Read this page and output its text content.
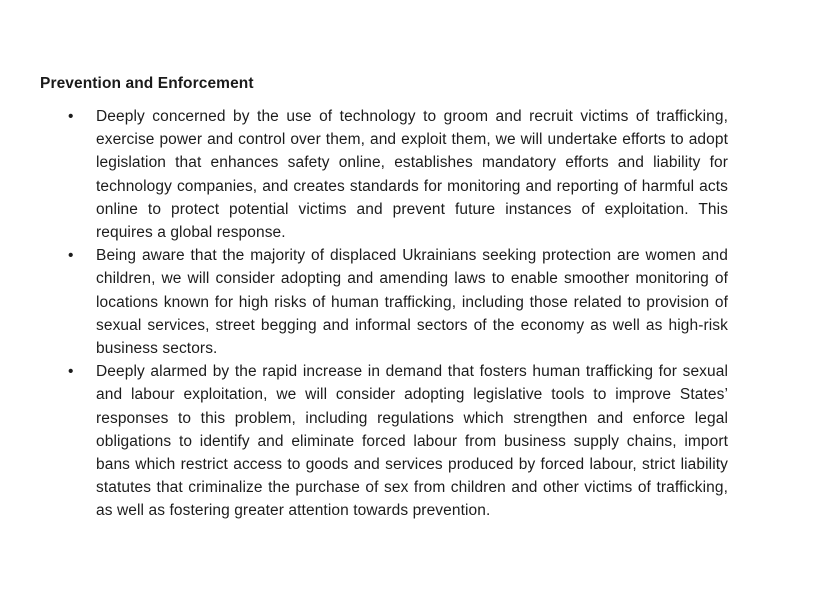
Prevention and Enforcement
•	Deeply concerned by the use of technology to groom and recruit victims of trafficking, exercise power and control over them, and exploit them, we will undertake efforts to adopt legislation that enhances safety online, establishes mandatory efforts and liability for technology companies, and creates standards for monitoring and reporting of harmful acts online to protect potential victims and prevent future instances of exploitation. This requires a global response.
•	Being aware that the majority of displaced Ukrainians seeking protection are women and children, we will consider adopting and amending laws to enable smoother monitoring of locations known for high risks of human trafficking, including those related to provision of sexual services, street begging and informal sectors of the economy as well as high-risk business sectors.
•	Deeply alarmed by the rapid increase in demand that fosters human trafficking for sexual and labour exploitation, we will consider adopting legislative tools to improve States’ responses to this problem, including regulations which strengthen and enforce legal obligations to identify and eliminate forced labour from business supply chains, import bans which restrict access to goods and services produced by forced labour, strict liability statutes that criminalize the purchase of sex from children and other victims of trafficking, as well as fostering greater attention towards prevention.
